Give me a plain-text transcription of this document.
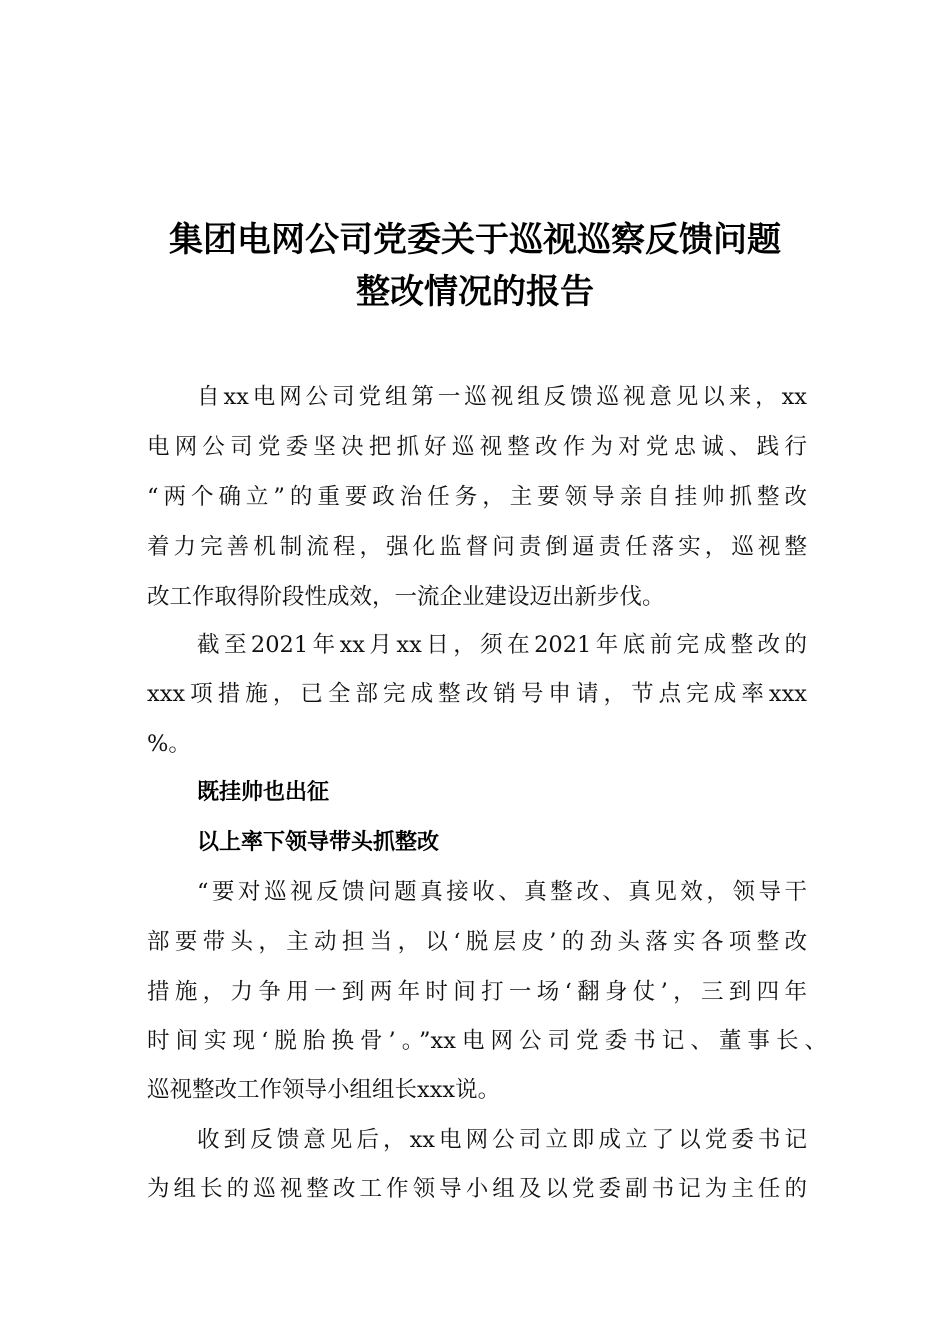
集团电网公司党委关于巡视巡察反馈问题
整改情况的报告
自xx电网公司党组第一巡视组反馈巡视意见以来，xx
电网公司党委坚决把抓好巡视整改作为对党忠诚、践行
“两个确立”的重要政治任务，主要领导亲自挂帅抓整改
着力完善机制流程，强化监督问责倒逼责任落实，巡视整
改工作取得阶段性成效，一流企业建设迈出新步伐。
截至2021年xx月xx日，须在2021年底前完成整改的
xxx项措施，已全部完成整改销号申请，节点完成率xxx
%。
既挂帅也出征
以上率下领导带头抓整改
“要对巡视反馈问题真接收、真整改、真见效，领导干
部要带头，主动担当，以‘脱层皮’的劲头落实各项整改
措施，力争用一到两年时间打一场‘翻身仗’，三到四年
时间实现‘脱胎换骨’。”xx电网公司党委书记、董事长、
巡视整改工作领导小组组长xxx说。
收到反馈意见后，xx电网公司立即成立了以党委书记
为组长的巡视整改工作领导小组及以党委副书记为主任的
